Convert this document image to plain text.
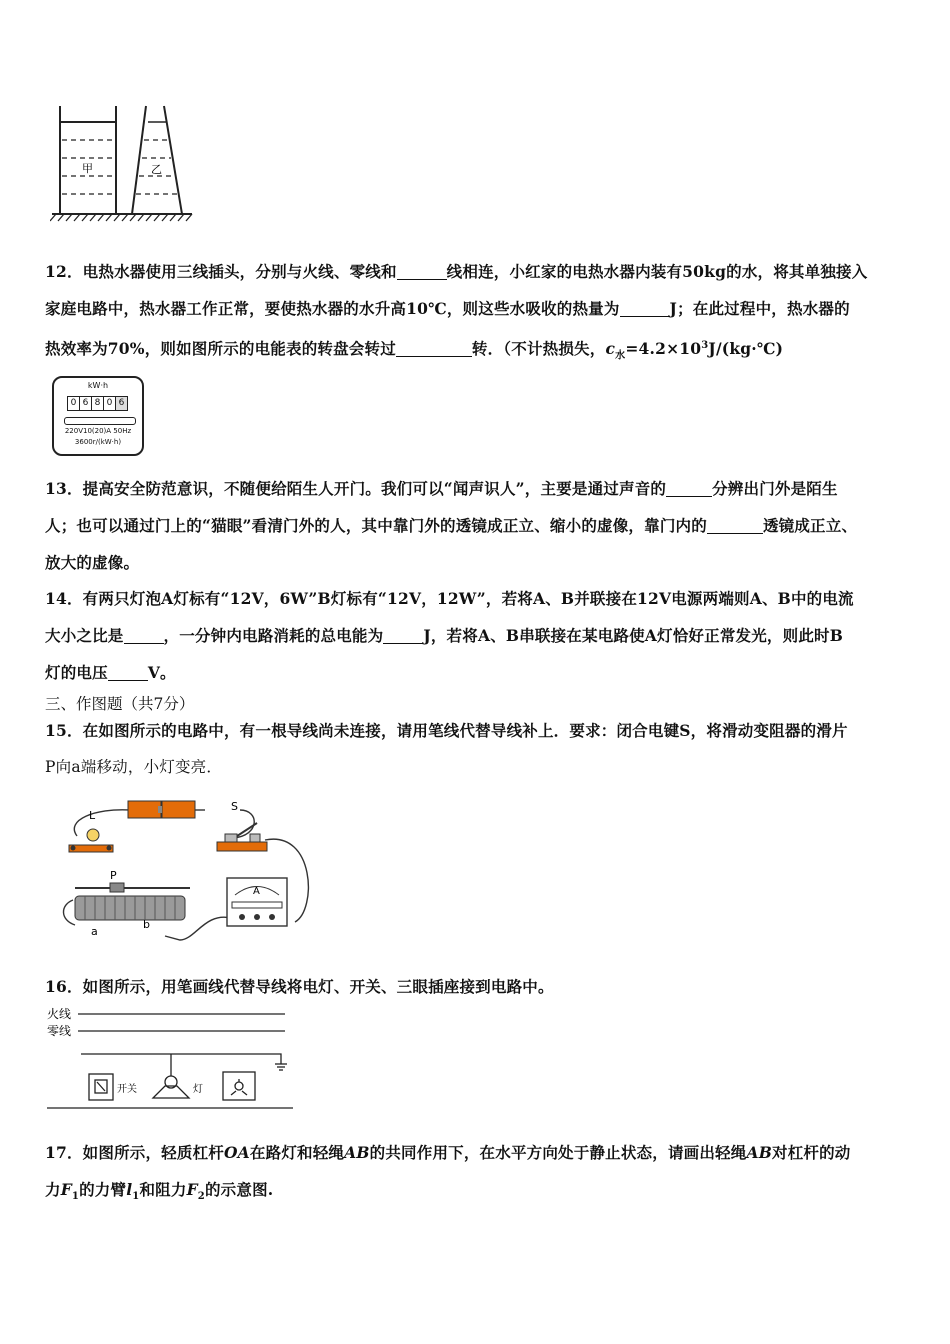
甲	乙
12．电热水器使用三线插头，分别与火线、零线和	线相连，小红家的电热水器内装有50kg的水，将其单独接入
家庭电路中，热水器工作正常，要使热水器的水升高10℃，则这些水吸收的热量为	J；在此过程中，热水器的
热效率为70%，则如图所示的电能表的转盘会转过	转．（不计热损失，$c_水=4.2\times 10^3J/(kg\cdot℃)$
kW·h
0 6 8 0 6
220V10(20)A 50Hz
3600r/(kW·h)
13．提高安全防范意识，不随便给陌生人开门。我们可以“闻声识人”，主要是通过声音的	分辨出门外是陌生
人；也可以通过门上的“猫眼”看清门外的人，其中靠门外的透镜成正立、缩小的虚像，靠门内的	透镜成正立、
放大的虚像。
14．有两只灯泡A灯标有“12V，6W”B灯标有“12V，12W”，若将A、B并联接在12V电源两端则A、B中的电流
大小之比是	，一分钟内电路消耗的总电能为	J，若将A、B串联接在某电路使A灯恰好正常发光，则此时B
灯的电压	V。
三、作图题（共7分）
15．在如图所示的电路中，有一根导线尚未连接，请用笔线代替导线补上．要求：闭合电键S，将滑动变阻器的滑片
P向a端移动，小灯变亮．
L
S
P
a
b
A
16．如图所示，用笔画线代替导线将电灯、开关、三眼插座接到电路中。
火线
零线
开关	灯
17．如图所示，轻质杠杆OA在路灯和轻绳AB的共同作用下，在水平方向处于静止状态，请画出轻绳AB对杠杆的动
力$F_1$的力臂$l_1$和阻力$F_2$的示意图.
